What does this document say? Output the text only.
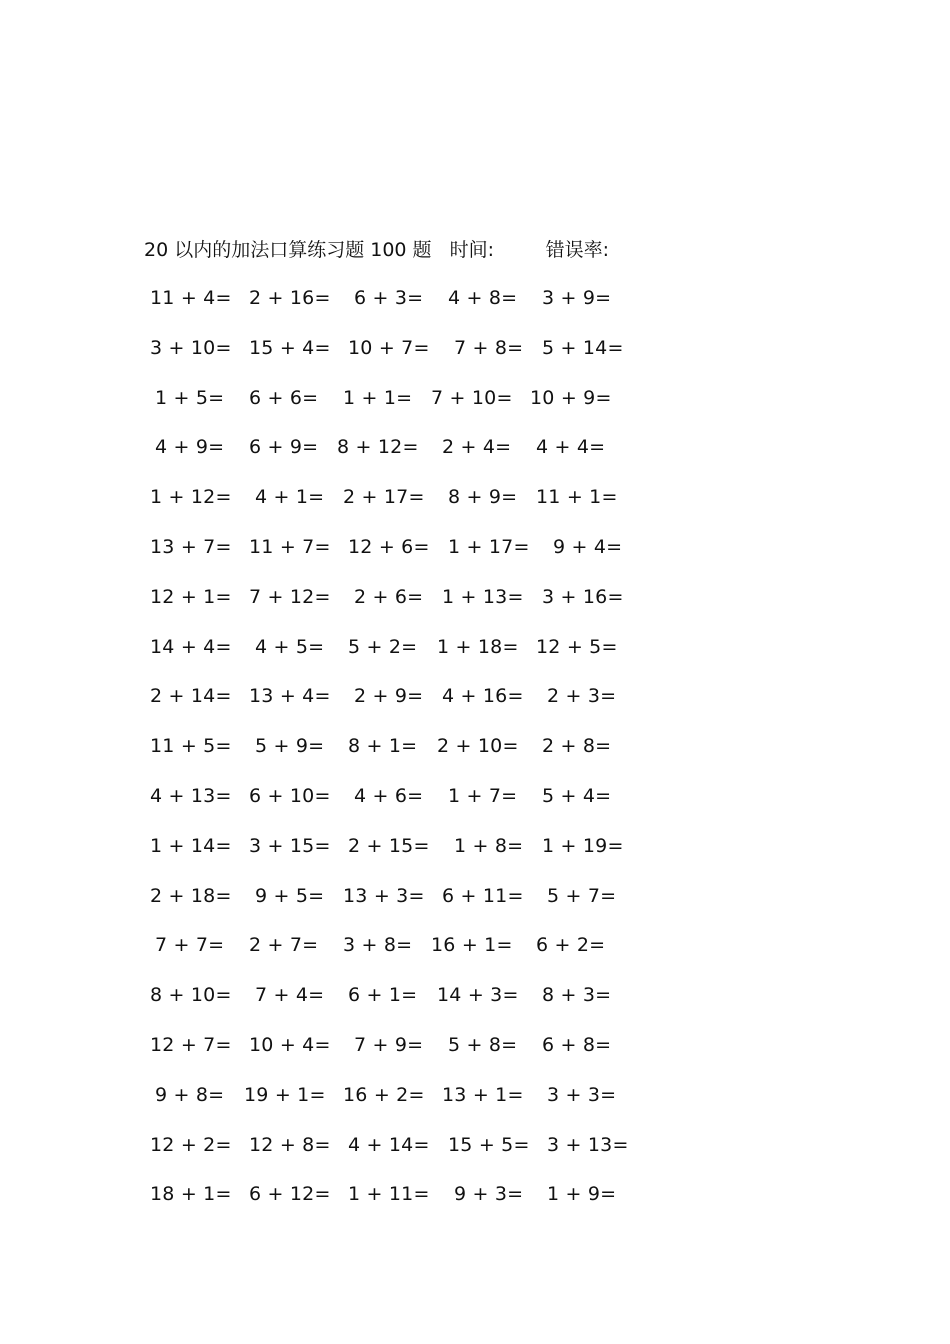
20 以内的加法口算练习题 100 题 时间:	错误率:
11 + 4= 2 + 16= 6 + 3= 4 + 8= 3 + 9=
3 + 10= 15 + 4= 10 + 7= 7 + 8= 5 + 14=
1 + 5= 6 + 6= 1 + 1= 7 + 10= 10 + 9=
4 + 9= 6 + 9= 8 + 12= 2 + 4= 4 + 4=
1 + 12= 4 + 1= 2 + 17= 8 + 9= 11 + 1=
13 + 7= 11 + 7= 12 + 6= 1 + 17= 9 + 4=
12 + 1= 7 + 12= 2 + 6= 1 + 13= 3 + 16=
14 + 4= 4 + 5= 5 + 2= 1 + 18= 12 + 5=
2 + 14= 13 + 4= 2 + 9= 4 + 16= 2 + 3=
11 + 5= 5 + 9= 8 + 1= 2 + 10= 2 + 8=
4 + 13= 6 + 10= 4 + 6= 1 + 7= 5 + 4=
1 + 14= 3 + 15= 2 + 15= 1 + 8= 1 + 19=
2 + 18= 9 + 5= 13 + 3= 6 + 11= 5 + 7=
7 + 7= 2 + 7= 3 + 8= 16 + 1= 6 + 2=
8 + 10= 7 + 4= 6 + 1= 14 + 3= 8 + 3=
12 + 7= 10 + 4= 7 + 9= 5 + 8= 6 + 8=
9 + 8= 19 + 1= 16 + 2= 13 + 1= 3 + 3=
12 + 2= 12 + 8= 4 + 14= 15 + 5= 3 + 13=
18 + 1= 6 + 12= 1 + 11= 9 + 3= 1 + 9=
